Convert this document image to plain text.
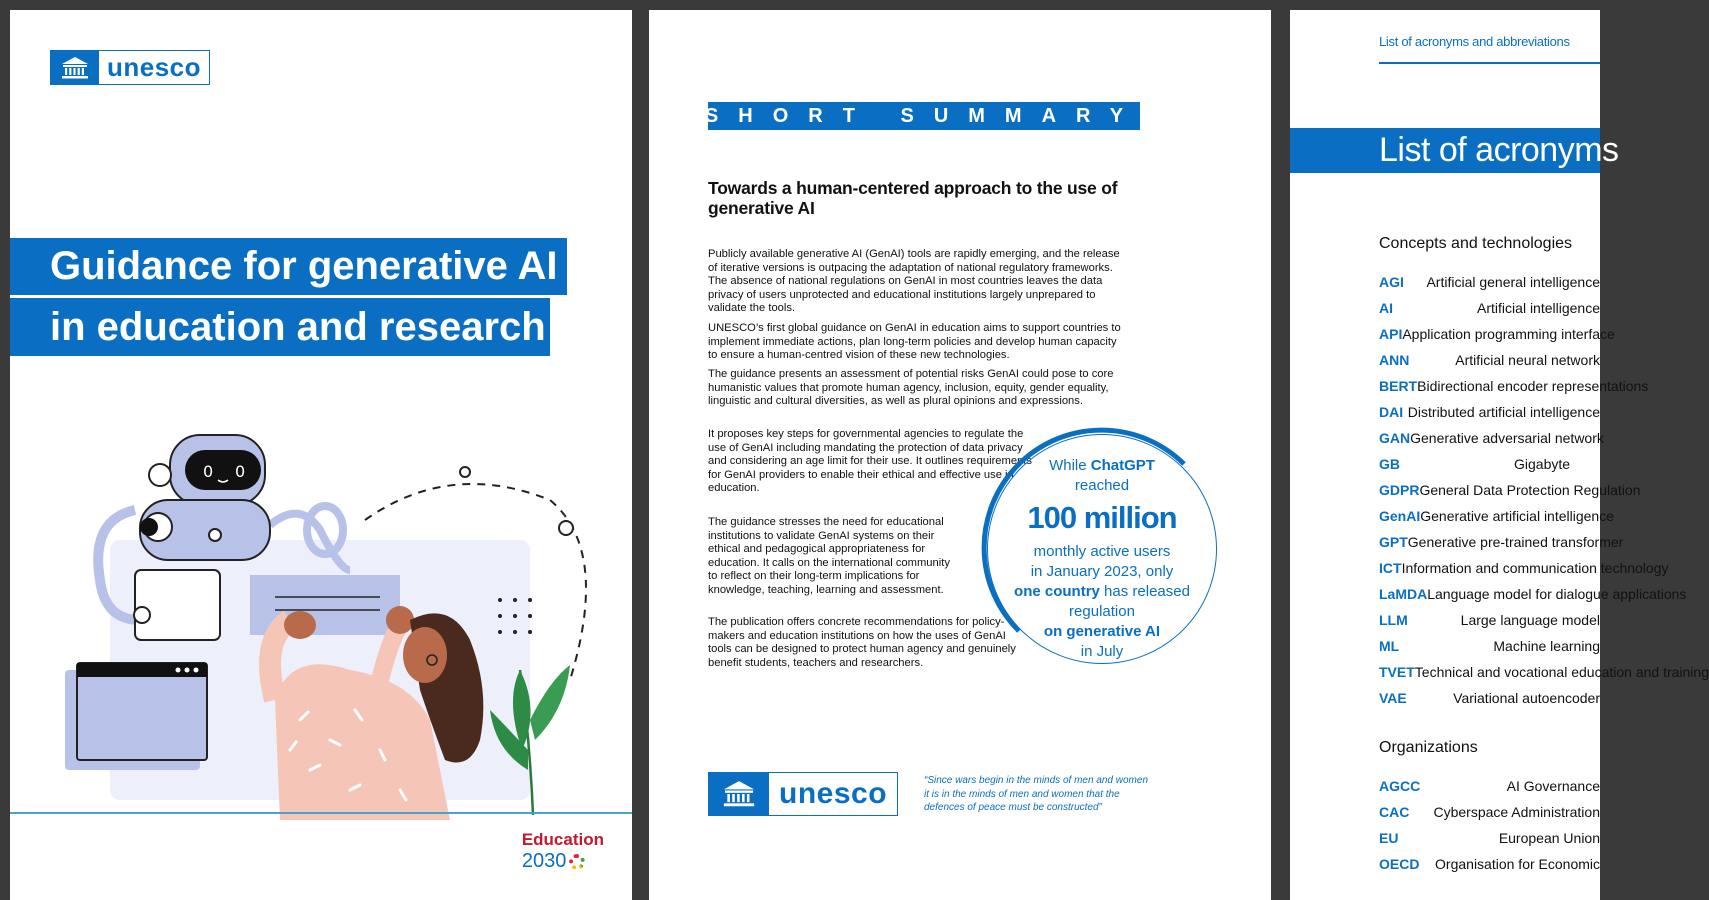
unesco
Guidance for generative AI
in education and research
0 0
Education
2030
SHORT SUMMARY
Towards a human-centered approach to the use of generative AI

Publicly available generative AI (GenAI) tools are rapidly emerging, and the release of iterative versions is outpacing the adaptation of national regulatory frameworks. The absence of national regulations on GenAI in most countries leaves the data privacy of users unprotected and educational institutions largely unprepared to validate the tools.

UNESCO’s first global guidance on GenAI in education aims to support countries to implement immediate actions, plan long-term policies and develop human capacity to ensure a human-centred vision of these new technologies.

The guidance presents an assessment of potential risks GenAI could pose to core humanistic values that promote human agency, inclusion, equity, gender equality, linguistic and cultural diversities, as well as plural opinions and expressions.

It proposes key steps for governmental agencies to regulate the use of GenAI including mandating the protection of data privacy and considering an age limit for their use. It outlines requirements for GenAI providers to enable their ethical and effective use in education.

The guidance stresses the need for educational institutions to validate GenAI systems on their ethical and pedagogical appropriateness for education. It calls on the international community to reflect on their long-term implications for knowledge, teaching, learning and assessment.

The publication offers concrete recommendations for policy-makers and education institutions on how the uses of GenAI tools can be designed to protect human agency and genuinely benefit students, teachers and researchers.

While ChatGPT
reached
100 million
monthly active users
in January 2023, only
one country has released
regulation
on generative AI
in July
unesco	“Since wars begin in the minds of men and women it is in the minds of men and women that the defences of peace must be constructed”
List of acronyms and abbreviations
List of acronyms
Concepts and technologies
AGI	Artificial general intelligence
AI	Artificial intelligence
API Application programming interface
ANN	Artificial neural network
BERT Bidirectional encoder representations
DAI Distributed artificial intelligence
GAN Generative adversarial network
GB	Gigabyte
GDPR General Data Protection Regulation
GenAI Generative artificial intelligence
GPT Generative pre-trained transformer
ICT Information and communication technology
LaMDA Language model for dialogue applications
LLM	Large language model
ML	Machine learning
TVET Technical and vocational education and training
VAE	Variational autoencoder
Organizations
AGCC	AI Governance
CAC	Cyberspace Administration
EU	European Union
OECD	Organisation for Economic
